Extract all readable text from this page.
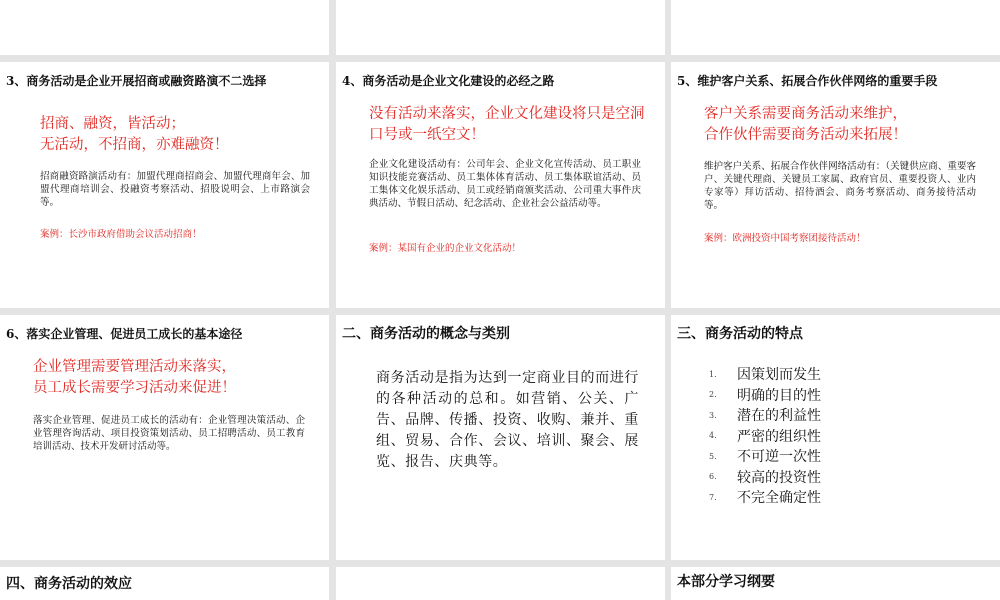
3、商务活动是企业开展招商或融资路演不二选择
招商、融资，皆活动；
无活动，不招商，亦难融资！
招商融资路演活动有：加盟代理商招商会、加盟代理商年会、加盟代理商培训会、投融资考察活动、招股说明会、上市路演会等。
案例：长沙市政府借助会议活动招商！
4、商务活动是企业文化建设的必经之路
没有活动来落实，企业文化建设将只是空洞口号或一纸空文！
企业文化建设活动有：公司年会、企业文化宣传活动、员工职业知识技能竞赛活动、员工集体体育活动、员工集体联谊活动、员工集体文化娱乐活动、员工或经销商颁奖活动、公司重大事件庆典活动、节假日活动、纪念活动、企业社会公益活动等。
案例：某国有企业的企业文化活动！
5、维护客户关系、拓展合作伙伴网络的重要手段
客户关系需要商务活动来维护，
合作伙伴需要商务活动来拓展！
维护客户关系、拓展合作伙伴网络活动有：（关键供应商、重要客户、关键代理商、关键员工家属、政府官员、重要投资人、业内专家等）拜访活动、招待酒会、商务考察活动、商务接待活动等。
案例：欧洲投资中国考察团接待活动！
6、落实企业管理、促进员工成长的基本途径
企业管理需要管理活动来落实，
员工成长需要学习活动来促进！
落实企业管理、促进员工成长的活动有：企业管理决策活动、企业管理咨询活动、项目投资策划活动、员工招聘活动、员工教育培训活动、技术开发研讨活动等。
二、商务活动的概念与类别
商务活动是指为达到一定商业目的而进行的各种活动的总和。如营销、公关、广告、品牌、传播、投资、收购、兼并、重组、贸易、合作、会议、培训、聚会、展览、报告、庆典等。
三、商务活动的特点
1.	因策划而发生
2.	明确的目的性
3.	潜在的利益性
4.	严密的组织性
5.	不可逆一次性
6.	较高的投资性
7.	不完全确定性
四、商务活动的效应	本部分学习纲要
